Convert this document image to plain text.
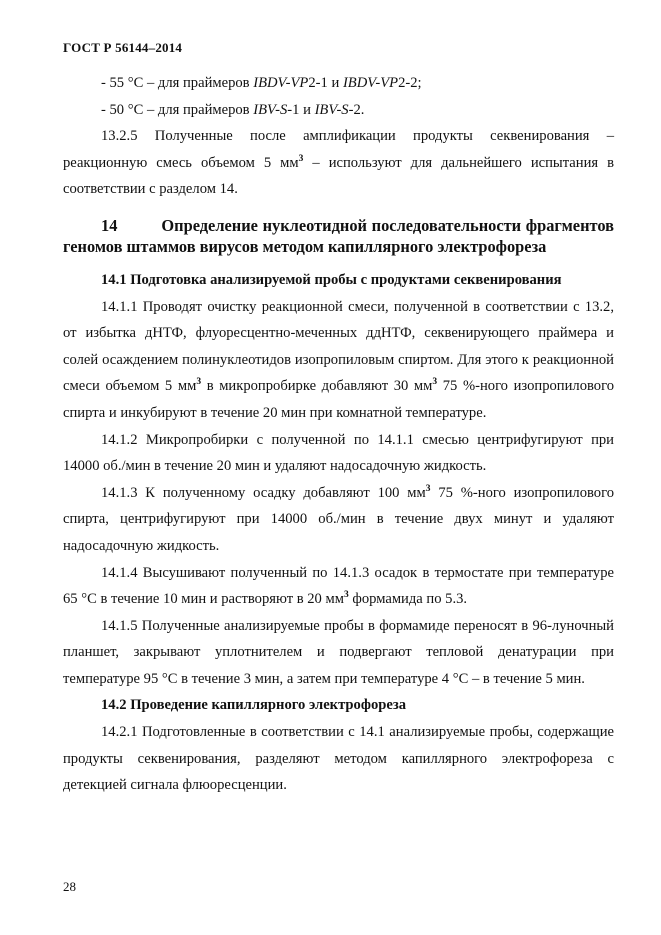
ГОСТ Р 56144–2014

- 55 °С – для праймеров IBDV-VP2-1 и IBDV-VP2-2;

- 50 °С – для праймеров IBV-S-1 и IBV-S-2.

13.2.5 Полученные после амплификации продукты секвенирования – реакционную смесь объемом 5 $мм^3$ – используют для дальнейшего испытания в соответствии с разделом 14.

14	Определение нуклеотидной последовательности фрагментов геномов штаммов вирусов методом капиллярного электрофореза

14.1 Подготовка анализируемой пробы с продуктами секвенирования

14.1.1 Проводят очистку реакционной смеси, полученной в соответствии с 13.2, от избытка дНТФ, флуоресцентно-меченных ддНТФ, секвенирующего праймера и солей осаждением полинуклеотидов изопропиловым спиртом. Для этого к реакционной смеси объемом 5 $мм^3$ в микропробирке добавляют 30 $мм^3$ 75 %-ного изопропилового спирта и инкубируют в течение 20 мин при комнатной температуре.

14.1.2 Микропробирки с полученной по 14.1.1 смесью центрифугируют при 14000 об./мин в течение 20 мин и удаляют надосадочную жидкость.

14.1.3 К полученному осадку добавляют 100 $мм^3$ 75 %-ного изопропилового спирта, центрифугируют при 14000 об./мин в течение двух минут и удаляют надосадочную жидкость.

14.1.4 Высушивают полученный по 14.1.3 осадок в термостате при температуре 65 °С в течение 10 мин и растворяют в 20 $мм^3$ формамида по 5.3.

14.1.5 Полученные анализируемые пробы в формамиде переносят в 96-луночный планшет, закрывают уплотнителем и подвергают тепловой денатурации при температуре 95 °С в течение 3 мин, а затем при температуре 4 °С – в течение 5 мин.

14.2 Проведение капиллярного электрофореза

14.2.1 Подготовленные в соответствии с 14.1 анализируемые пробы, содержащие продукты секвенирования, разделяют методом капиллярного электрофореза с детекцией сигнала флюоресценции.

28
